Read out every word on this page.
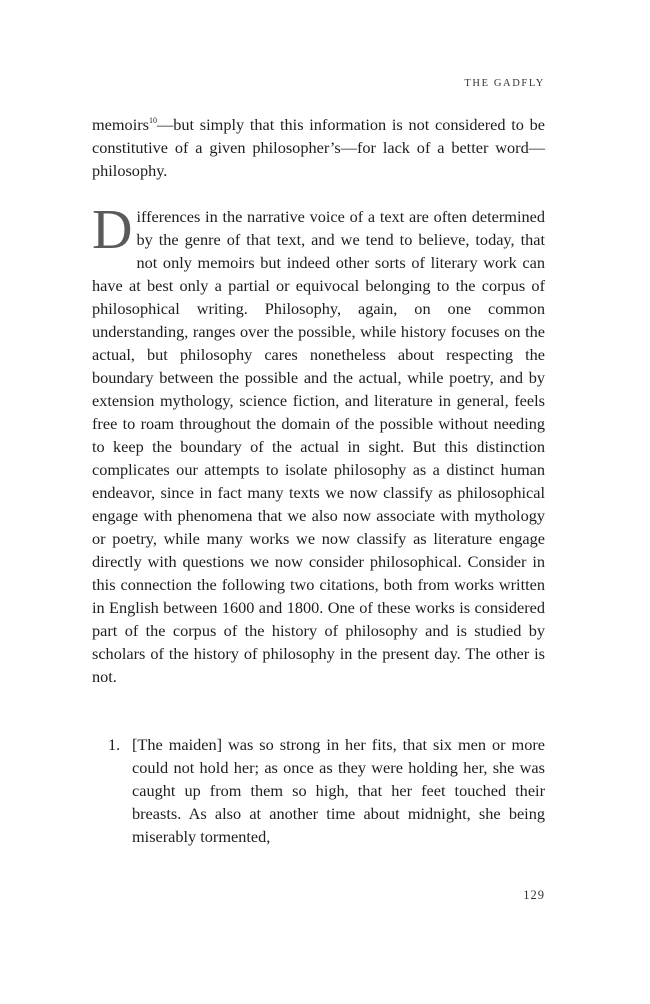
THE GADFLY

memoirs$^{10}$—but simply that this information is not considered to be constitutive of a given philosopher’s—for lack of a better word—philosophy.

Differences in the narrative voice of a text are often determined by the genre of that text, and we tend to believe, today, that not only memoirs but indeed other sorts of literary work can have at best only a partial or equivocal belonging to the corpus of philosophical writing. Philosophy, again, on one common understanding, ranges over the possible, while history focuses on the actual, but philosophy cares nonetheless about respecting the boundary between the possible and the actual, while poetry, and by extension mythology, science fiction, and literature in general, feels free to roam throughout the domain of the possible without needing to keep the boundary of the actual in sight. But this distinction complicates our attempts to isolate philosophy as a distinct human endeavor, since in fact many texts we now classify as philosophical engage with phenomena that we also now associate with mythology or poetry, while many works we now classify as literature engage directly with questions we now consider philosophical. Consider in this connection the following two citations, both from works written in English between 1600 and 1800. One of these works is considered part of the corpus of the history of philosophy and is studied by scholars of the history of philosophy in the present day. The other is not.

1. [The maiden] was so strong in her fits, that six men or more could not hold her; as once as they were holding her, she was caught up from them so high, that her feet touched their breasts. As also at another time about midnight, she being miserably tormented,

129
